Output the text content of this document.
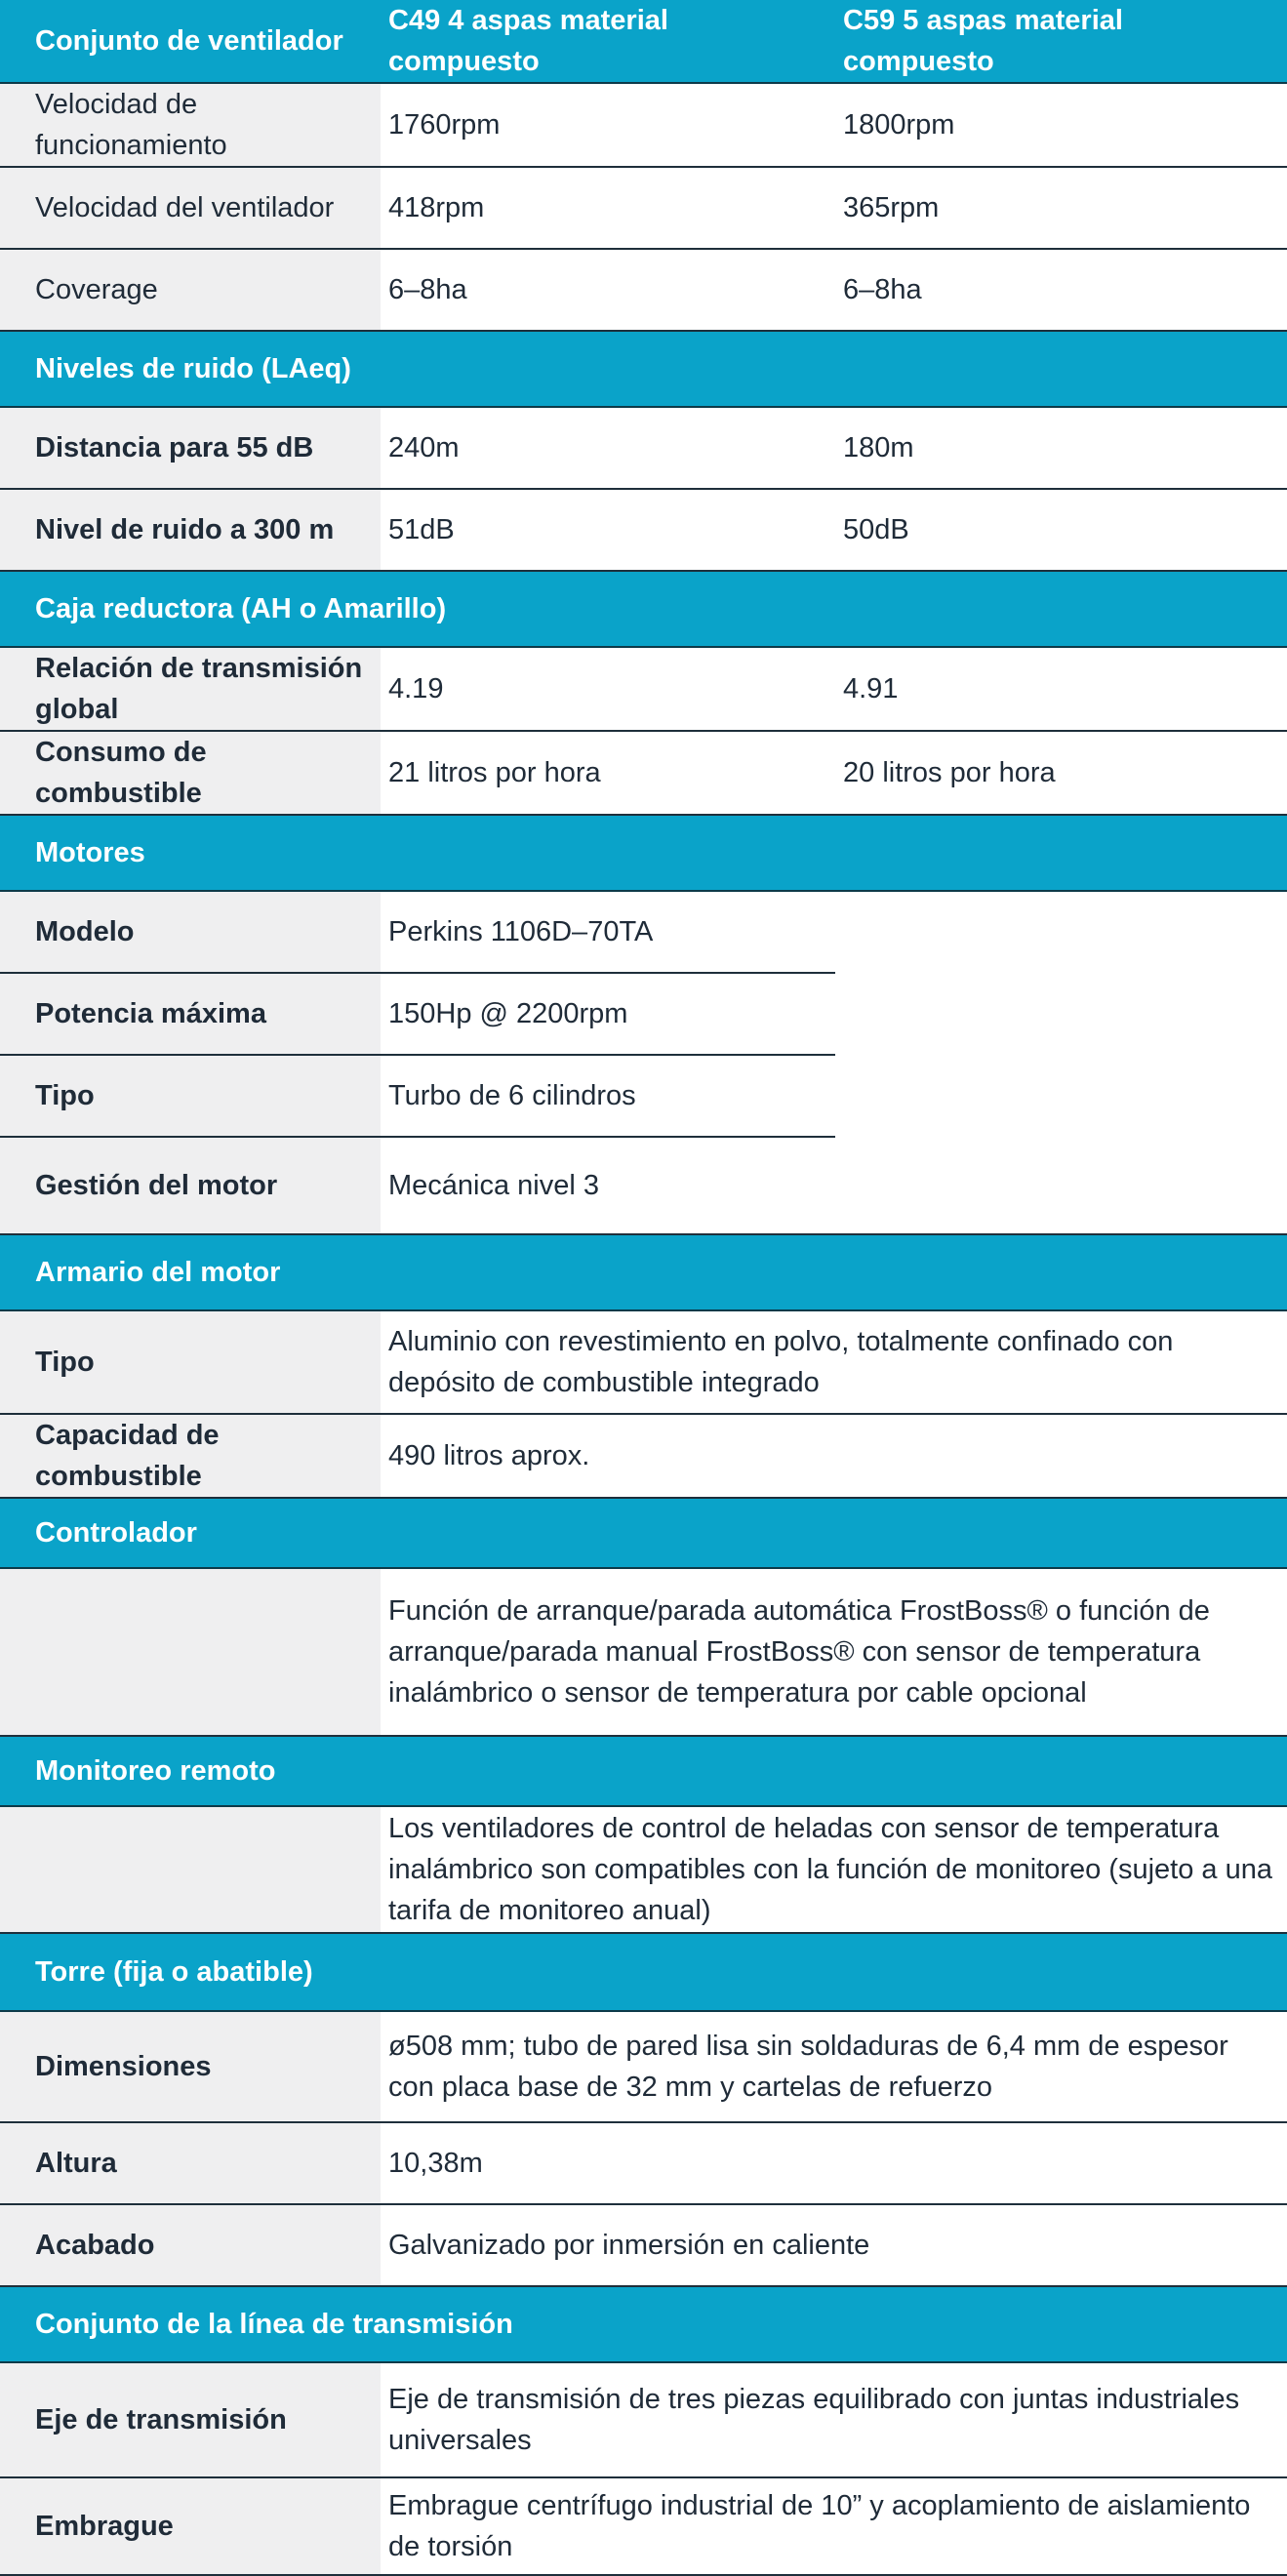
Conjunto de ventilador	C49 4 aspas material compuesto	C59 5 aspas material compuesto
Velocidad de funcionamiento	1760rpm	1800rpm
Velocidad del ventilador	418rpm	365rpm
Coverage	6–8ha	6–8ha
Niveles de ruido (LAeq)		
Distancia para 55 dB	240m	180m
Nivel de ruido a 300 m	51dB	50dB
Caja reductora (AH o Amarillo)		
Relación de transmisión global	4.19	4.91
Consumo de combustible	21 litros por hora	20 litros por hora
Motores		
Modelo	Perkins 1106D–70TA	
Potencia máxima	150Hp @ 2200rpm	
Tipo	Turbo de 6 cilindros	
Gestión del motor	Mecánica nivel 3	
Armario del motor		
Tipo	Aluminio con revestimiento en polvo, totalmente confinado con depósito de combustible integrado	
Capacidad de combustible	490 litros aprox.	
Controlador		
	Función de arranque/parada automática FrostBoss® o función de arranque/parada manual FrostBoss® con sensor de temperatura inalámbrico o sensor de temperatura por cable opcional	
Monitoreo remoto		
	Los ventiladores de control de heladas con sensor de temperatura inalámbrico son compatibles con la función de monitoreo (sujeto a una tarifa de monitoreo anual)	
Torre (fija o abatible)		
Dimensiones	ø508 mm; tubo de pared lisa sin soldaduras de 6,4 mm de espesor con placa base de 32 mm y cartelas de refuerzo	
Altura	10,38m	
Acabado	Galvanizado por inmersión en caliente	
Conjunto de la línea de transmisión		
Eje de transmisión	Eje de transmisión de tres piezas equilibrado con juntas industriales universales	
Embrague	Embrague centrífugo industrial de 10” y acoplamiento de aislamiento de torsión	
